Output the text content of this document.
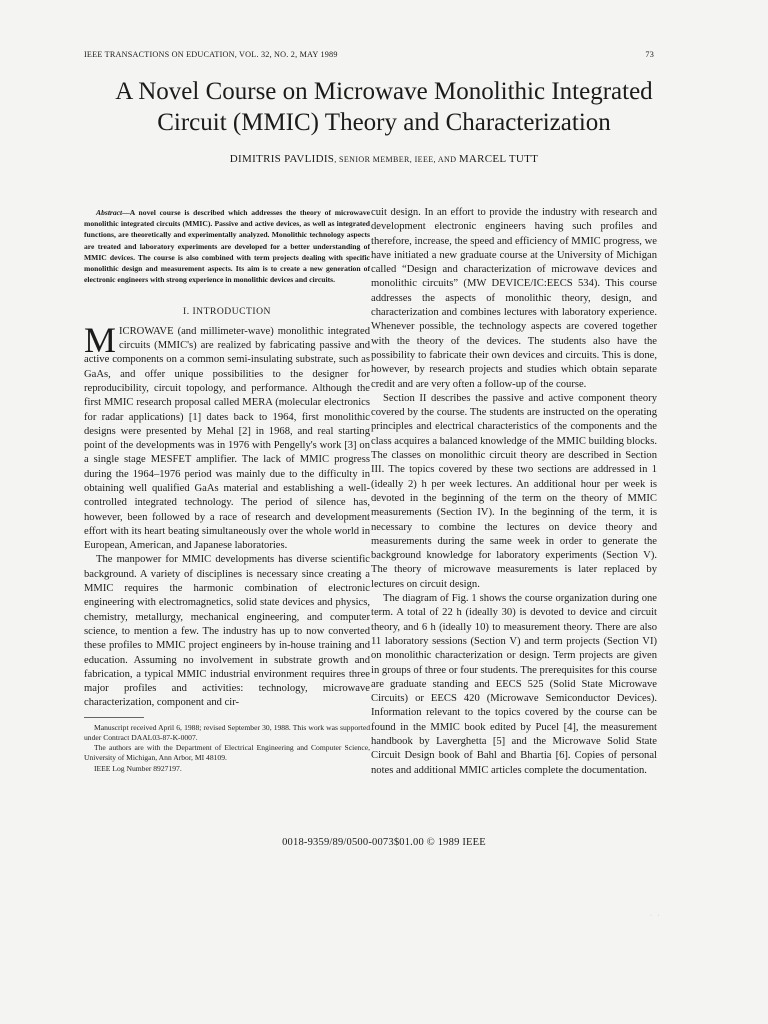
IEEE TRANSACTIONS ON EDUCATION, VOL. 32, NO. 2, MAY 1989	73
A Novel Course on Microwave Monolithic Integrated
Circuit (MMIC) Theory and Characterization
DIMITRIS PAVLIDIS, SENIOR MEMBER, IEEE, AND MARCEL TUTT

Abstract—A novel course is described which addresses the theory of microwave monolithic integrated circuits (MMIC). Passive and active devices, as well as integrated functions, are theoretically and experimentally analyzed. Monolithic technology aspects are treated and laboratory experiments are developed for a better understanding of MMIC devices. The course is also combined with term projects dealing with specific monolithic design and measurement aspects. Its aim is to create a new generation of electronic engineers with strong experience in monolithic devices and circuits.

I. INTRODUCTION

MICROWAVE (and millimeter-wave) monolithic integrated circuits (MMIC's) are realized by fabricating passive and active components on a common semi-insulating substrate, such as GaAs, and offer unique possibilities to the designer for reproducibility, circuit topology, and performance. Although the first MMIC research proposal called MERA (molecular electronics for radar applications) [1] dates back to 1964, first monolithic designs were presented by Mehal [2] in 1968, and real starting point of the developments was in 1976 with Pengelly's work [3] on a single stage MESFET amplifier. The lack of MMIC progress during the 1964–1976 period was mainly due to the difficulty in obtaining well qualified GaAs material and establishing a well-controlled integrated technology. The period of silence has, however, been followed by a race of research and development effort with its heart beating simultaneously over the whole world in European, American, and Japanese laboratories.

The manpower for MMIC developments has diverse scientific background. A variety of disciplines is necessary since creating a MMIC requires the harmonic combination of electronic engineering with electromagnetics, solid state devices and physics, chemistry, metallurgy, mechanical engineering, and computer science, to mention a few. The industry has up to now converted these profiles to MMIC project engineers by in-house training and education. Assuming no involvement in substrate growth and fabrication, a typical MMIC industrial environment requires three major profiles and activities: technology, microwave characterization, component and cir-

Manuscript received April 6, 1988; revised September 30, 1988. This work was supported under Contract DAAL03-87-K-0007.

The authors are with the Department of Electrical Engineering and Computer Science, University of Michigan, Ann Arbor, MI 48109.

IEEE Log Number 8927197.

cuit design. In an effort to provide the industry with research and development electronic engineers having such profiles and therefore, increase, the speed and efficiency of MMIC progress, we have initiated a new graduate course at the University of Michigan called “Design and characterization of microwave devices and monolithic circuits” (MW DEVICE/IC:EECS 534). This course addresses the aspects of monolithic theory, design, and characterization and combines lectures with laboratory experience. Whenever possible, the technology aspects are covered together with the theory of the devices. The students also have the possibility to fabricate their own devices and circuits. This is done, however, by research projects and studies which obtain separate credit and are very often a follow-up of the course.

Section II describes the passive and active component theory covered by the course. The students are instructed on the operating principles and electrical characteristics of the components and the class acquires a balanced knowledge of the MMIC building blocks. The classes on monolithic circuit theory are described in Section III. The topics covered by these two sections are addressed in 1 (ideally 2) h per week lectures. An additional hour per week is devoted in the beginning of the term on the theory of MMIC measurements (Section IV). In the beginning of the term, it is necessary to combine the lectures on device theory and measurements during the same week in order to generate the background knowledge for laboratory experiments (Section V). The theory of microwave measurements is later replaced by lectures on circuit design.

The diagram of Fig. 1 shows the course organization during one term. A total of 22 h (ideally 30) is devoted to device and circuit theory, and 6 h (ideally 10) to measurement theory. There are also 11 laboratory sessions (Section V) and term projects (Section VI) on monolithic characterization or design. Term projects are given in groups of three or four students. The prerequisites for this course are graduate standing and EECS 525 (Solid State Microwave Circuits) or EECS 420 (Microwave Semiconductor Devices). Information relevant to the topics covered by the course can be found in the MMIC book edited by Pucel [4], the measurement handbook by Laverghetta [5] and the Microwave Solid State Circuit Design book of Bahl and Bhartia [6]. Copies of personal notes and additional MMIC articles complete the documentation.

0018-9359/89/0500-0073$01.00 © 1989 IEEE
· ·
